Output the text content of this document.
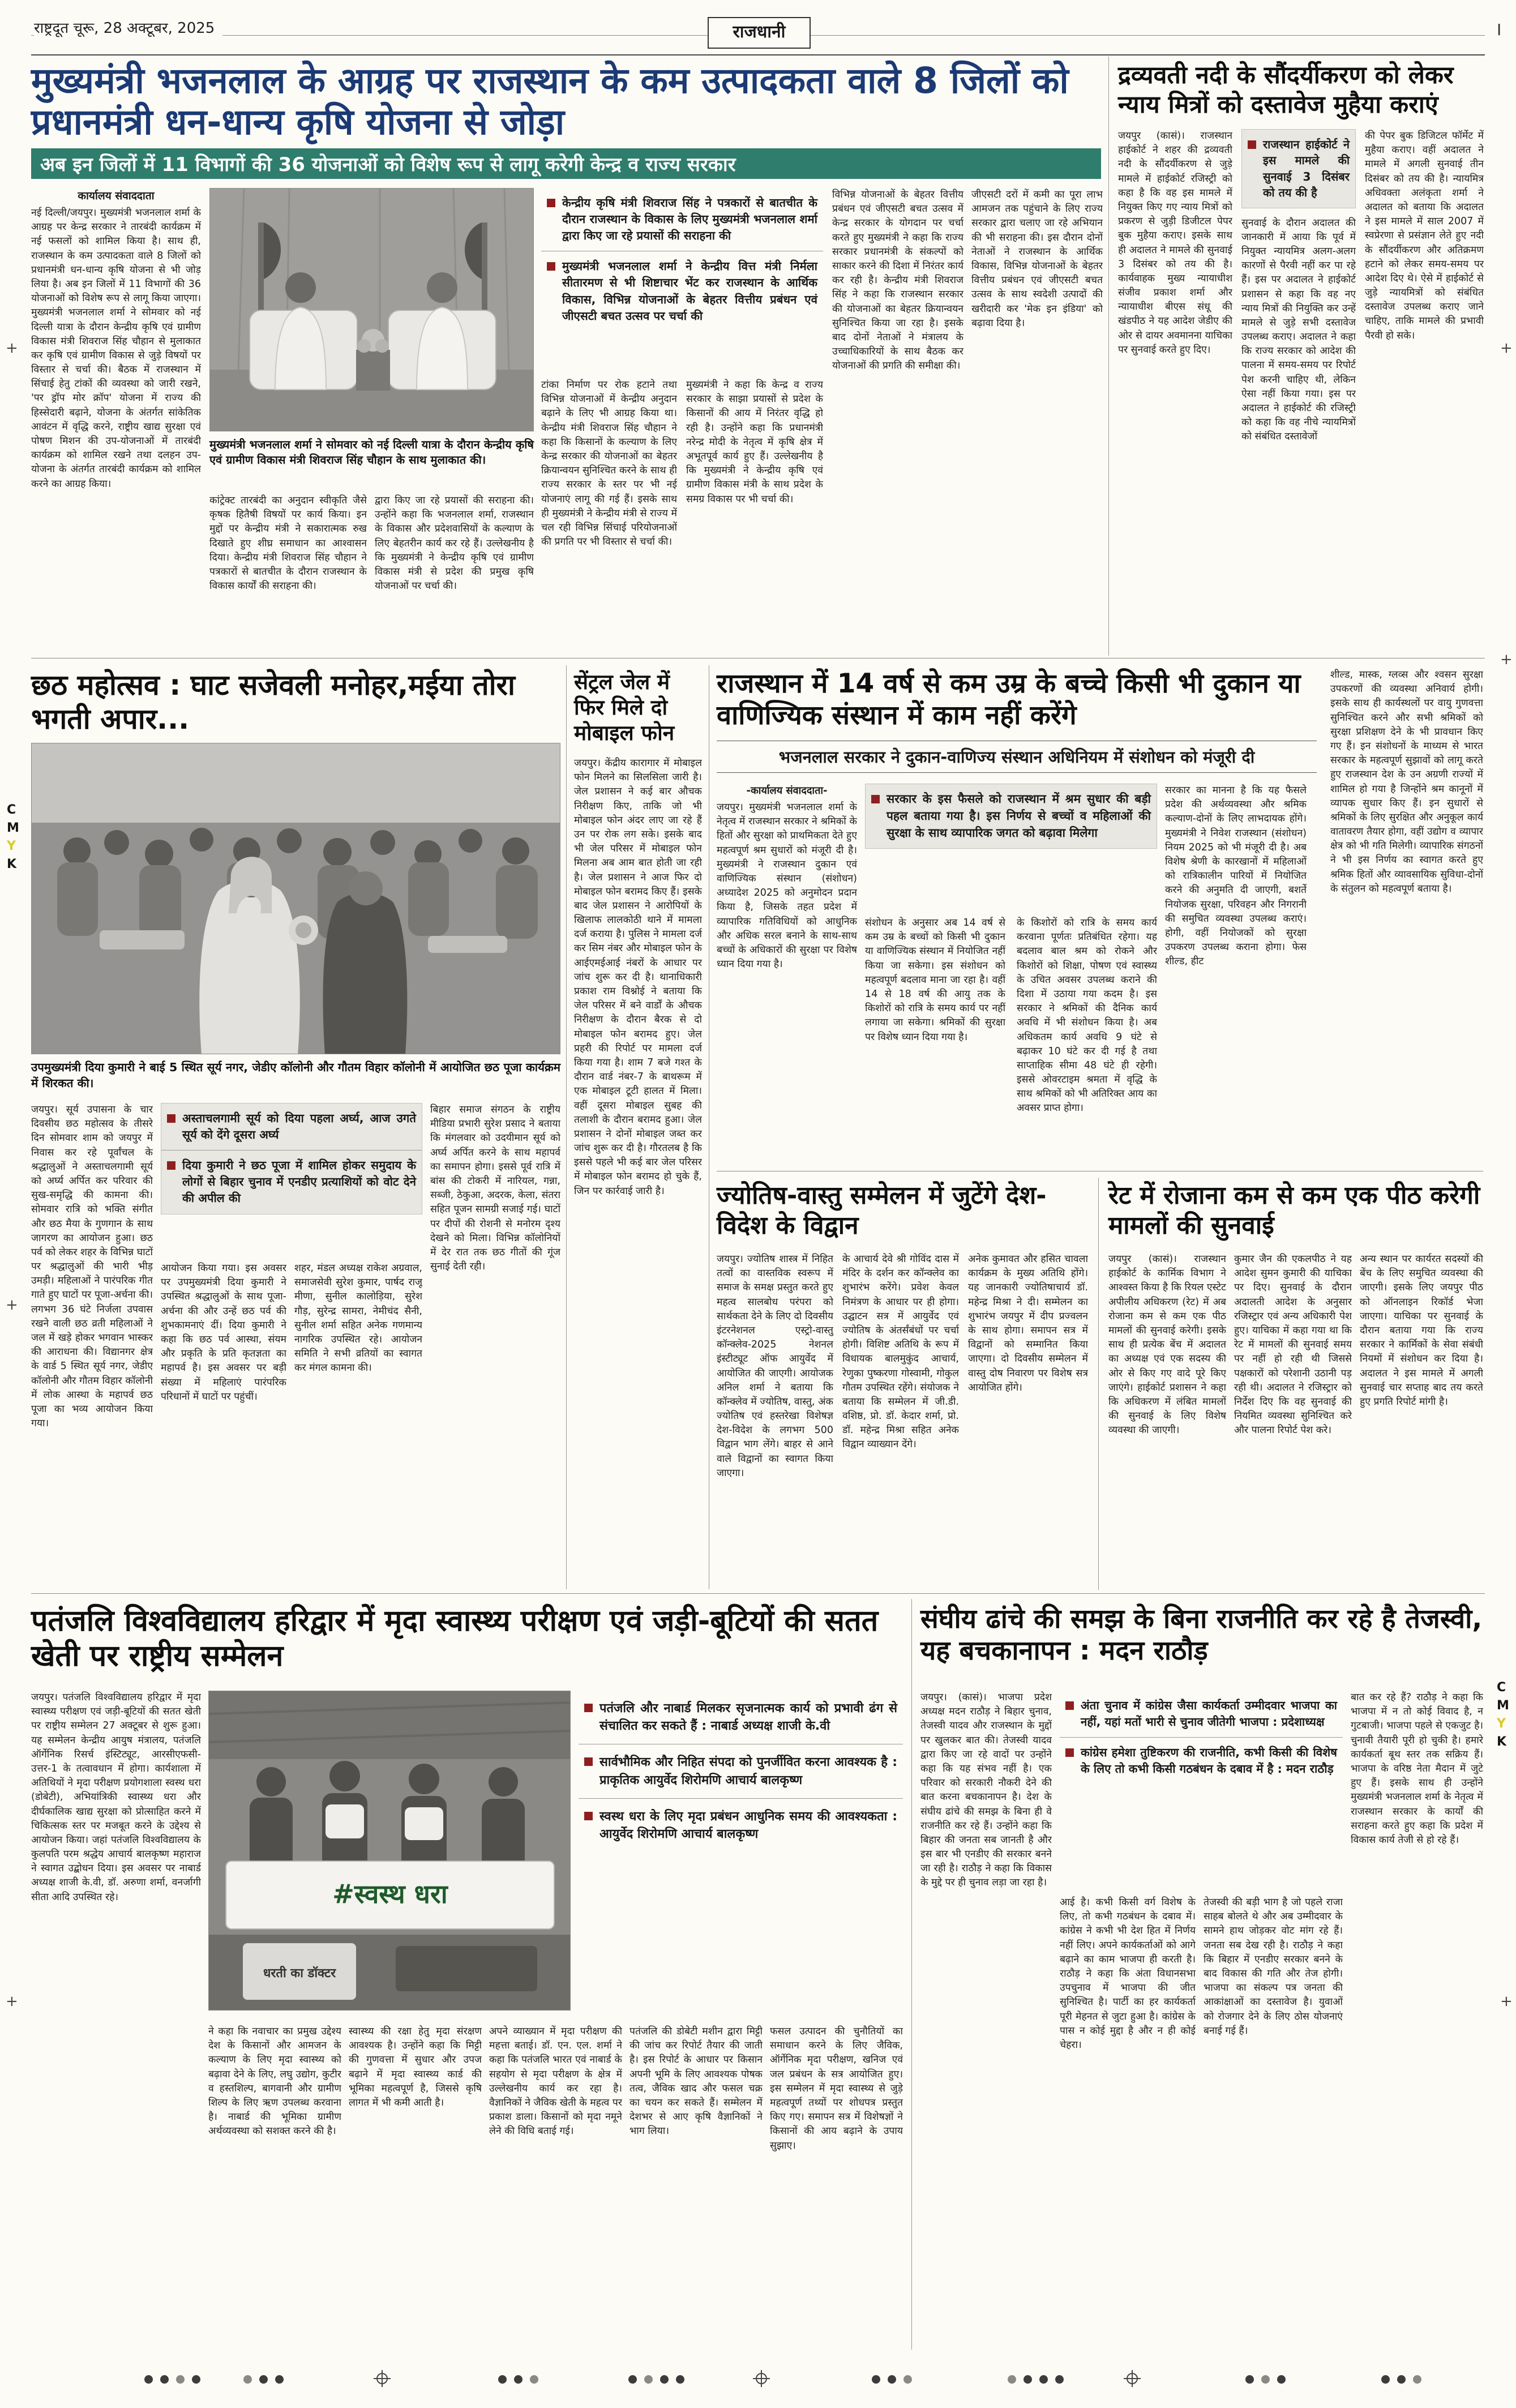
राष्ट्रदूत चूरू, 28 अक्टूबर, 2025	राजधानी	I
मुख्यमंत्री भजनलाल के आग्रह पर राजस्थान के कम उत्पादकता वाले 8 जिलों को प्रधानमंत्री धन-धान्य कृषि योजना से जोड़ा
अब इन जिलों में 11 विभागों की 36 योजनाओं को विशेष रूप से लागू करेगी केन्द्र व राज्य सरकार
कार्यालय संवाददाता
नई दिल्ली/जयपुर। मुख्यमंत्री भजनलाल शर्मा के आग्रह पर केन्द्र सरकार ने तारबंदी कार्यक्रम में नई फसलों को शामिल किया है। साथ ही, राजस्थान के कम उत्पादकता वाले 8 जिलों को प्रधानमंत्री धन-धान्य कृषि योजना से भी जोड़ लिया है। अब इन जिलों में 11 विभागों की 36 योजनाओं को विशेष रूप से लागू किया जाएगा। मुख्यमंत्री भजनलाल शर्मा ने सोमवार को नई दिल्ली यात्रा के दौरान केन्द्रीय कृषि एवं ग्रामीण विकास मंत्री शिवराज सिंह चौहान से मुलाकात कर कृषि एवं ग्रामीण विकास से जुड़े विषयों पर विस्तार से चर्चा की। बैठक में राजस्थान में सिंचाई हेतु टांकों की व्यवस्था को जारी रखने, 'पर ड्रॉप मोर क्रॉप' योजना में राज्य की हिस्सेदारी बढ़ाने, योजना के अंतर्गत सांकेतिक आवंटन में वृद्धि करने, राष्ट्रीय खाद्य सुरक्षा एवं पोषण मिशन की उप-योजनाओं में तारबंदी कार्यक्रम को शामिल रखने तथा दलहन उप-योजना के अंतर्गत तारबंदी कार्यक्रम को शामिल करने का आग्रह किया।
मुख्यमंत्री भजनलाल शर्मा ने सोमवार को नई दिल्ली यात्रा के दौरान केन्द्रीय कृषि एवं ग्रामीण विकास मंत्री शिवराज सिंह चौहान के साथ मुलाकात की।
कांट्रेक्ट तारबंदी का अनुदान स्वीकृति जैसे कृषक हितैषी विषयों पर कार्य किया। इन मुद्दों पर केन्द्रीय मंत्री ने सकारात्मक रुख दिखाते हुए शीघ्र समाधान का आश्वासन दिया। केन्द्रीय मंत्री शिवराज सिंह चौहान ने पत्रकारों से बातचीत के दौरान राजस्थान के विकास कार्यों की सराहना की।
द्वारा किए जा रहे प्रयासों की सराहना की। उन्होंने कहा कि भजनलाल शर्मा, राजस्थान के विकास और प्रदेशवासियों के कल्याण के लिए बेहतरीन कार्य कर रहे हैं। उल्लेखनीय है कि मुख्यमंत्री ने केन्द्रीय कृषि एवं ग्रामीण विकास मंत्री से प्रदेश की प्रमुख कृषि योजनाओं पर चर्चा की।
केन्द्रीय कृषि मंत्री शिवराज सिंह ने पत्रकारों से बातचीत के दौरान राजस्थान के विकास के लिए मुख्यमंत्री भजनलाल शर्मा द्वारा किए जा रहे प्रयासों की सराहना की
मुख्यमंत्री भजनलाल शर्मा ने केन्द्रीय वित्त मंत्री निर्मला सीतारमण से भी शिष्टाचार भेंट कर राजस्थान के आर्थिक विकास, विभिन्न योजनाओं के बेहतर वित्तीय प्रबंधन एवं जीएसटी बचत उत्सव पर चर्चा की
टांका निर्माण पर रोक हटाने तथा विभिन्न योजनाओं में केन्द्रीय अनुदान बढ़ाने के लिए भी आग्रह किया था। केन्द्रीय मंत्री शिवराज सिंह चौहान ने कहा कि किसानों के कल्याण के लिए केन्द्र सरकार की योजनाओं का बेहतर क्रियान्वयन सुनिश्चित करने के साथ ही राज्य सरकार के स्तर पर भी नई योजनाएं लागू की गई हैं। इसके साथ ही मुख्यमंत्री ने केन्द्रीय मंत्री से राज्य में चल रही विभिन्न सिंचाई परियोजनाओं की प्रगति पर भी विस्तार से चर्चा की।
मुख्यमंत्री ने कहा कि केन्द्र व राज्य सरकार के साझा प्रयासों से प्रदेश के किसानों की आय में निरंतर वृद्धि हो रही है। उन्होंने कहा कि प्रधानमंत्री नरेन्द्र मोदी के नेतृत्व में कृषि क्षेत्र में अभूतपूर्व कार्य हुए हैं। उल्लेखनीय है कि मुख्यमंत्री ने केन्द्रीय कृषि एवं ग्रामीण विकास मंत्री के साथ प्रदेश के समग्र विकास पर भी चर्चा की।
विभिन्न योजनाओं के बेहतर वित्तीय प्रबंधन एवं जीएसटी बचत उत्सव में केन्द्र सरकार के योगदान पर चर्चा करते हुए मुख्यमंत्री ने कहा कि राज्य सरकार प्रधानमंत्री के संकल्पों को साकार करने की दिशा में निरंतर कार्य कर रही है। केन्द्रीय मंत्री शिवराज सिंह ने कहा कि राजस्थान सरकार की योजनाओं का बेहतर क्रियान्वयन सुनिश्चित किया जा रहा है। इसके बाद दोनों नेताओं ने मंत्रालय के उच्चाधिकारियों के साथ बैठक कर योजनाओं की प्रगति की समीक्षा की।
जीएसटी दरों में कमी का पूरा लाभ आमजन तक पहुंचाने के लिए राज्य सरकार द्वारा चलाए जा रहे अभियान की भी सराहना की। इस दौरान दोनों नेताओं ने राजस्थान के आर्थिक विकास, विभिन्न योजनाओं के बेहतर वित्तीय प्रबंधन एवं जीएसटी बचत उत्सव के साथ स्वदेशी उत्पादों की खरीदारी कर 'मेक इन इंडिया' को बढ़ावा दिया है।
द्रव्यवती नदी के सौंदर्यीकरण को लेकर न्याय मित्रों को दस्तावेज मुहैया कराएं
जयपुर (कासं)। राजस्थान हाईकोर्ट ने शहर की द्रव्यवती नदी के सौंदर्यीकरण से जुड़े मामले में हाईकोर्ट रजिस्ट्री को कहा है कि वह इस मामले में नियुक्त किए गए न्याय मित्रों को प्रकरण से जुड़ी डिजीटल पेपर बुक मुहैया कराए। इसके साथ ही अदालत ने मामले की सुनवाई 3 दिसंबर को तय की है। कार्यवाहक मुख्य न्यायाधीश संजीव प्रकाश शर्मा और न्यायाधीश बीएस संधू की खंडपीठ ने यह आदेश जेडीए की ओर से दायर अवमानना याचिका पर सुनवाई करते हुए दिए।
राजस्थान हाईकोर्ट ने इस मामले की सुनवाई 3 दिसंबर को तय की है
सुनवाई के दौरान अदालत की जानकारी में आया कि पूर्व में नियुक्त न्यायमित्र अलग-अलग कारणों से पैरवी नहीं कर पा रहे हैं। इस पर अदालत ने हाईकोर्ट प्रशासन से कहा कि वह नए न्याय मित्रों की नियुक्ति कर उन्हें मामले से जुड़े सभी दस्तावेज उपलब्ध कराए। अदालत ने कहा कि राज्य सरकार को आदेश की पालना में समय-समय पर रिपोर्ट पेश करनी चाहिए थी, लेकिन ऐसा नहीं किया गया। इस पर अदालत ने हाईकोर्ट की रजिस्ट्री को कहा कि वह नीचे न्यायमित्रों को संबंधित दस्तावेजों
की पेपर बुक डिजिटल फॉर्मेट में मुहैया कराए। वहीं अदालत ने मामले में अगली सुनवाई तीन दिसंबर को तय की है। न्यायमित्र अधिवक्ता अलंकृता शर्मा ने अदालत को बताया कि अदालत ने इस मामले में साल 2007 में स्वप्रेरणा से प्रसंज्ञान लेते हुए नदी के सौंदर्यीकरण और अतिक्रमण हटाने को लेकर समय-समय पर आदेश दिए थे। ऐसे में हाईकोर्ट से जुड़े न्यायमित्रों को संबंधित दस्तावेज उपलब्ध कराए जाने चाहिए, ताकि मामले की प्रभावी पैरवी हो सके।
छठ महोत्सव : घाट सजेवली मनोहर,मईया तोरा भगती अपार...
उपमुख्यमंत्री दिया कुमारी ने बाई 5 स्थित सूर्य नगर, जेडीए कॉलोनी और गौतम विहार कॉलोनी में आयोजित छठ पूजा कार्यक्रम में शिरकत की।
जयपुर। सूर्य उपासना के चार दिवसीय छठ महोत्सव के तीसरे दिन सोमवार शाम को जयपुर में निवास कर रहे पूर्वांचल के श्रद्धालुओं ने अस्ताचलगामी सूर्य को अर्घ्य अर्पित कर परिवार की सुख-समृद्धि की कामना की। सोमवार रात्रि को भक्ति संगीत और छठ मैया के गुणगान के साथ जागरण का आयोजन हुआ। छठ पर्व को लेकर शहर के विभिन्न घाटों पर श्रद्धालुओं की भारी भीड़ उमड़ी। महिलाओं ने पारंपरिक गीत गाते हुए घाटों पर पूजा-अर्चना की। लगभग 36 घंटे निर्जला उपवास रखने वाली छठ व्रती महिलाओं ने जल में खड़े होकर भगवान भास्कर की आराधना की। विद्यानगर क्षेत्र के वार्ड 5 स्थित सूर्य नगर, जेडीए कॉलोनी और गौतम विहार कॉलोनी में लोक आस्था के महापर्व छठ पूजा का भव्य आयोजन किया गया।
अस्ताचलगामी सूर्य को दिया पहला अर्घ्य, आज उगते सूर्य को देंगे दूसरा अर्घ्य
दिया कुमारी ने छठ पूजा में शामिल होकर समुदाय के लोगों से बिहार चुनाव में एनडीए प्रत्याशियों को वोट देने की अपील की
आयोजन किया गया। इस अवसर पर उपमुख्यमंत्री दिया कुमारी ने उपस्थित श्रद्धालुओं के साथ पूजा-अर्चना की और उन्हें छठ पर्व की शुभकामनाएं दीं। दिया कुमारी ने कहा कि छठ पर्व आस्था, संयम और प्रकृति के प्रति कृतज्ञता का महापर्व है। इस अवसर पर बड़ी संख्या में महिलाएं पारंपरिक परिधानों में घाटों पर पहुंचीं।
शहर, मंडल अध्यक्ष राकेश अग्रवाल, समाजसेवी सुरेश कुमार, पार्षद राजू मीणा, सुनील कालोड़िया, सुरेश गौड़, सुरेन्द्र सामरा, नेमीचंद सैनी, सुनील शर्मा सहित अनेक गणमान्य नागरिक उपस्थित रहे। आयोजन समिति ने सभी व्रतियों का स्वागत कर मंगल कामना की।
बिहार समाज संगठन के राष्ट्रीय मीडिया प्रभारी सुरेश प्रसाद ने बताया कि मंगलवार को उदयीमान सूर्य को अर्घ्य अर्पित करने के साथ महापर्व का समापन होगा। इससे पूर्व रात्रि में बांस की टोकरी में नारियल, गन्ना, सब्जी, ठेकुआ, अदरक, केला, संतरा सहित पूजन सामग्री सजाई गई। घाटों पर दीपों की रोशनी से मनोरम दृश्य देखने को मिला। विभिन्न कॉलोनियों में देर रात तक छठ गीतों की गूंज सुनाई देती रही।
सेंट्रल जेल में फिर मिले दो मोबाइल फोन
जयपुर। केंद्रीय कारागार में मोबाइल फोन मिलने का सिलसिला जारी है। जेल प्रशासन ने कई बार औचक निरीक्षण किए, ताकि जो भी मोबाइल फोन अंदर लाए जा रहे हैं उन पर रोक लग सके। इसके बाद भी जेल परिसर में मोबाइल फोन मिलना अब आम बात होती जा रही है। जेल प्रशासन ने आज फिर दो मोबाइल फोन बरामद किए हैं। इसके बाद जेल प्रशासन ने आरोपियों के खिलाफ लालकोठी थाने में मामला दर्ज कराया है। पुलिस ने मामला दर्ज कर सिम नंबर और मोबाइल फोन के आईएमईआई नंबरों के आधार पर जांच शुरू कर दी है। थानाधिकारी प्रकाश राम विश्नोई ने बताया कि जेल परिसर में बने वार्डों के औचक निरीक्षण के दौरान बैरक से दो मोबाइल फोन बरामद हुए। जेल प्रहरी की रिपोर्ट पर मामला दर्ज किया गया है। शाम 7 बजे गश्त के दौरान वार्ड नंबर-7 के बाथरूम में एक मोबाइल टूटी हालत में मिला। वहीं दूसरा मोबाइल सुबह की तलाशी के दौरान बरामद हुआ। जेल प्रशासन ने दोनों मोबाइल जब्त कर जांच शुरू कर दी है। गौरतलब है कि इससे पहले भी कई बार जेल परिसर में मोबाइल फोन बरामद हो चुके हैं, जिन पर कार्रवाई जारी है।
राजस्थान में 14 वर्ष से कम उम्र के बच्चे किसी भी दुकान या वाणिज्यिक संस्थान में काम नहीं करेंगे
भजनलाल सरकार ने दुकान-वाणिज्य संस्थान अधिनियम में संशोधन को मंजूरी दी
-कार्यालय संवाददाता-
जयपुर। मुख्यमंत्री भजनलाल शर्मा के नेतृत्व में राजस्थान सरकार ने श्रमिकों के हितों और सुरक्षा को प्राथमिकता देते हुए महत्वपूर्ण श्रम सुधारों को मंजूरी दी है। मुख्यमंत्री ने राजस्थान दुकान एवं वाणिज्यिक संस्थान (संशोधन) अध्यादेश 2025 को अनुमोदन प्रदान किया है, जिसके तहत प्रदेश में व्यापारिक गतिविधियों को आधुनिक और अधिक सरल बनाने के साथ-साथ बच्चों के अधिकारों की सुरक्षा पर विशेष ध्यान दिया गया है।
सरकार के इस फैसले को राजस्थान में श्रम सुधार की बड़ी पहल बताया गया है। इस निर्णय से बच्चों व महिलाओं की सुरक्षा के साथ व्यापारिक जगत को बढ़ावा मिलेगा
संशोधन के अनुसार अब 14 वर्ष से कम उम्र के बच्चों को किसी भी दुकान या वाणिज्यिक संस्थान में नियोजित नहीं किया जा सकेगा। इस संशोधन को महत्वपूर्ण बदलाव माना जा रहा है। वहीं 14 से 18 वर्ष की आयु तक के किशोरों को रात्रि के समय कार्य पर नहीं लगाया जा सकेगा। श्रमिकों की सुरक्षा पर विशेष ध्यान दिया गया है।
के किशोरों को रात्रि के समय कार्य करवाना पूर्णतः प्रतिबंधित रहेगा। यह बदलाव बाल श्रम को रोकने और किशोरों को शिक्षा, पोषण एवं स्वास्थ्य के उचित अवसर उपलब्ध कराने की दिशा में उठाया गया कदम है। इस सरकार ने श्रमिकों की दैनिक कार्य अवधि में भी संशोधन किया है। अब अधिकतम कार्य अवधि 9 घंटे से बढ़ाकर 10 घंटे कर दी गई है तथा साप्ताहिक सीमा 48 घंटे ही रहेगी। इससे ओवरटाइम श्रमता में वृद्धि के साथ श्रमिकों को भी अतिरिक्त आय का अवसर प्राप्त होगा।
सरकार का मानना है कि यह फैसले प्रदेश की अर्थव्यवस्था और श्रमिक कल्याण-दोनों के लिए लाभदायक होंगे। मुख्यमंत्री ने निवेश राजस्थान (संशोधन) नियम 2025 को भी मंजूरी दी है। अब विशेष श्रेणी के कारखानों में महिलाओं को रात्रिकालीन पारियों में नियोजित करने की अनुमति दी जाएगी, बशर्ते नियोजक सुरक्षा, परिवहन और निगरानी की समुचित व्यवस्था उपलब्ध कराएं। होगी, वहीं नियोजकों को सुरक्षा उपकरण उपलब्ध कराना होगा। फेस शील्ड, हीट
शील्ड, मास्क, ग्लव्स और श्वसन सुरक्षा उपकरणों की व्यवस्था अनिवार्य होगी। इसके साथ ही कार्यस्थलों पर वायु गुणवत्ता सुनिश्चित करने और सभी श्रमिकों को सुरक्षा प्रशिक्षण देने के भी प्रावधान किए गए हैं। इन संशोधनों के माध्यम से भारत सरकार के महत्वपूर्ण सुझावों को लागू करते हुए राजस्थान देश के उन अग्रणी राज्यों में शामिल हो गया है जिन्होंने श्रम कानूनों में व्यापक सुधार किए हैं। इन सुधारों से श्रमिकों के लिए सुरक्षित और अनुकूल कार्य वातावरण तैयार होगा, वहीं उद्योग व व्यापार क्षेत्र को भी गति मिलेगी। व्यापारिक संगठनों ने भी इस निर्णय का स्वागत करते हुए श्रमिक हितों और व्यावसायिक सुविधा-दोनों के संतुलन को महत्वपूर्ण बताया है।
ज्योतिष-वास्तु सम्मेलन में जुटेंगे देश-विदेश के विद्वान
जयपुर। ज्योतिष शास्त्र में निहित तत्वों का वास्तविक स्वरूप में समाज के समक्ष प्रस्तुत करते हुए महत्व सालबोध परंपरा को सार्थकता देने के लिए दो दिवसीय इंटरनेशनल एस्ट्रो-वास्तु कॉन्क्लेव-2025 नेशनल इंस्टीट्यूट ऑफ आयुर्वेद में आयोजित की जाएगी। आयोजक अनिल शर्मा ने बताया कि कॉन्क्लेव में ज्योतिष, वास्तु, अंक ज्योतिष एवं हस्तरेखा विशेषज्ञ देश-विदेश के लगभग 500 विद्वान भाग लेंगे। बाहर से आने वाले विद्वानों का स्वागत किया जाएगा।
के आचार्य देवे श्री गोविंद दास में मंदिर के दर्शन कर कॉन्क्लेव का शुभारंभ करेंगे। प्रवेश केवल निमंत्रण के आधार पर ही होगा। उद्घाटन सत्र में आयुर्वेद एवं ज्योतिष के अंतर्संबंधों पर चर्चा होगी। विशिष्ट अतिथि के रूप में विधायक बालमुकुंद आचार्य, रेणुका पुष्करणा गोस्वामी, गोकुल गौतम उपस्थित रहेंगे। संयोजक ने बताया कि सम्मेलन में जी.डी. वशिष्ठ, प्रो. डॉ. केदार शर्मा, प्रो. डॉ. महेन्द्र मिश्रा सहित अनेक विद्वान व्याख्यान देंगे।
अनेक कुमावत और हसित चावला कार्यक्रम के मुख्य अतिथि होंगे। यह जानकारी ज्योतिषाचार्य डॉ. महेन्द्र मिश्रा ने दी। सम्मेलन का शुभारंभ जयपुर में दीप प्रज्वलन के साथ होगा। समापन सत्र में विद्वानों को सम्मानित किया जाएगा। दो दिवसीय सम्मेलन में वास्तु दोष निवारण पर विशेष सत्र आयोजित होंगे।
रेट में रोजाना कम से कम एक पीठ करेगी मामलों की सुनवाई
जयपुर (कासं)। राजस्थान हाईकोर्ट के कार्मिक विभाग ने आश्वस्त किया है कि रियल एस्टेट अपीलीय अधिकरण (रेट) में अब रोजाना कम से कम एक पीठ मामलों की सुनवाई करेगी। इसके साथ ही प्रत्येक बेंच में अदालत का अध्यक्ष एवं एक सदस्य की ओर से किए गए वादे पूरे किए जाएंगे। हाईकोर्ट प्रशासन ने कहा कि अधिकरण में लंबित मामलों की सुनवाई के लिए विशेष व्यवस्था की जाएगी।
कुमार जैन की एकलपीठ ने यह आदेश सुमन कुमारी की याचिका पर दिए। सुनवाई के दौरान अदालती आदेश के अनुसार रजिस्ट्रार एवं अन्य अधिकारी पेश हुए। याचिका में कहा गया था कि रेट में मामलों की सुनवाई समय पर नहीं हो रही थी जिससे पक्षकारों को परेशानी उठानी पड़ रही थी। अदालत ने रजिस्ट्रार को निर्देश दिए कि वह सुनवाई की नियमित व्यवस्था सुनिश्चित करे और पालना रिपोर्ट पेश करे।
अन्य स्थान पर कार्यरत सदस्यों की बेंच के लिए समुचित व्यवस्था की जाएगी। इसके लिए जयपुर पीठ को ऑनलाइन रिकॉर्ड भेजा जाएगा। याचिका पर सुनवाई के दौरान बताया गया कि राज्य सरकार ने कार्मिकों के सेवा संबंधी नियमों में संशोधन कर दिया है। अदालत ने इस मामले में अगली सुनवाई चार सप्ताह बाद तय करते हुए प्रगति रिपोर्ट मांगी है।
पतंजलि विश्वविद्यालय हरिद्वार में मृदा स्वास्थ्य परीक्षण एवं जड़ी-बूटियों की सतत खेती पर राष्ट्रीय सम्मेलन
जयपुर। पतंजलि विश्वविद्यालय हरिद्वार में मृदा स्वास्थ्य परीक्षण एवं जड़ी-बूटियों की सतत खेती पर राष्ट्रीय सम्मेलन 27 अक्टूबर से शुरू हुआ। यह सम्मेलन केन्द्रीय आयुष मंत्रालय, पतंजलि ऑर्गेनिक रिसर्च इंस्टिट्यूट, आरसीएफसी-उत्तर-1 के तत्वावधान में होगा। कार्यशाला में अतिथियों ने मृदा परीक्षण प्रयोगशाला स्वस्थ धरा (डोबेटी), अभियांत्रिकी स्वास्थ्य धरा और दीर्घकालिक खाद्य सुरक्षा को प्रोत्साहित करने में चिकित्सक स्तर पर मजबूत करने के उद्देश्य से आयोजन किया। जहां पतंजलि विश्वविद्यालय के कुलपति परम श्रद्धेय आचार्य बालकृष्ण महाराज ने स्वागत उद्बोधन दिया। इस अवसर पर नाबार्ड अध्यक्ष शाजी के.वी, डॉ. अरुणा शर्मा, वनर्जागी सीता आदि उपस्थित रहे।	#स्वस्थ धरा
धरती का डॉक्टर
पतंजलि और नाबार्ड मिलकर सृजनात्मक कार्य को प्रभावी ढंग से संचालित कर सकते हैं : नाबार्ड अध्यक्ष शाजी के.वी
सार्वभौमिक और निहित संपदा को पुनर्जीवित करना आवश्यक है : प्राकृतिक आयुर्वेद शिरोमणि आचार्य बालकृष्ण
स्वस्थ धरा के लिए मृदा प्रबंधन आधुनिक समय की आवश्यकता : आयुर्वेद शिरोमणि आचार्य बालकृष्ण
ने कहा कि नवाचार का प्रमुख उद्देश्य देश के किसानों और आमजन के कल्याण के लिए मृदा स्वास्थ्य को बढ़ावा देने के लिए, लघु उद्योग, कुटीर व हस्तशिल्प, बागवानी और ग्रामीण शिल्प के लिए ऋण उपलब्ध करवाना है। नाबार्ड की भूमिका ग्रामीण अर्थव्यवस्था को सशक्त करने की है।
स्वास्थ्य की रक्षा हेतु मृदा संरक्षण आवश्यक है। उन्होंने कहा कि मिट्टी की गुणवत्ता में सुधार और उपज बढ़ाने में मृदा स्वास्थ्य कार्ड की भूमिका महत्वपूर्ण है, जिससे कृषि लागत में भी कमी आती है।
अपने व्याख्यान में मृदा परीक्षण की महत्ता बताई। डॉ. एन. एल. शर्मा ने कहा कि पतंजलि भारत एवं नाबार्ड के सहयोग से मृदा परीक्षण के क्षेत्र में उल्लेखनीय कार्य कर रहा है। वैज्ञानिकों ने जैविक खेती के महत्व पर प्रकाश डाला। किसानों को मृदा नमूने लेने की विधि बताई गई।
पतंजलि की डोबेटी मशीन द्वारा मिट्टी की जांच कर रिपोर्ट तैयार की जाती है। इस रिपोर्ट के आधार पर किसान अपनी भूमि के लिए आवश्यक पोषक तत्व, जैविक खाद और फसल चक्र का चयन कर सकते हैं। सम्मेलन में देशभर से आए कृषि वैज्ञानिकों ने भाग लिया।
फसल उत्पादन की चुनौतियों का समाधान करने के लिए जैविक, ऑर्गेनिक मृदा परीक्षण, खनिज एवं जल प्रबंधन के सत्र आयोजित हुए। इस सम्मेलन में मृदा स्वास्थ्य से जुड़े महत्वपूर्ण तथ्यों पर शोधपत्र प्रस्तुत किए गए। समापन सत्र में विशेषज्ञों ने किसानों की आय बढ़ाने के उपाय सुझाए।
संघीय ढांचे की समझ के बिना राजनीति कर रहे है तेजस्वी, यह बचकानापन : मदन राठौड़
जयपुर। (कासं)। भाजपा प्रदेश अध्यक्ष मदन राठौड़ ने बिहार चुनाव, तेजस्वी यादव और राजस्थान के मुद्दों पर खुलकर बात की। तेजस्वी यादव द्वारा किए जा रहे वादों पर उन्होंने कहा कि यह संभव नहीं है। एक परिवार को सरकारी नौकरी देने की बात करना बचकानापन है। देश के संघीय ढांचे की समझ के बिना ही वे राजनीति कर रहे हैं। उन्होंने कहा कि बिहार की जनता सब जानती है और इस बार भी एनडीए की सरकार बनने जा रही है। राठौड़ ने कहा कि विकास के मुद्दे पर ही चुनाव लड़ा जा रहा है।
अंता चुनाव में कांग्रेस जैसा कार्यकर्ता उम्मीदवार भाजपा का नहीं, यहां मतों भारी से चुनाव जीतेगी भाजपा : प्रदेशाध्यक्ष
कांग्रेस हमेशा तुष्टिकरण की राजनीति, कभी किसी की विशेष के लिए तो कभी किसी गठबंधन के दबाव में है : मदन राठौड़
आई है। कभी किसी वर्ग विशेष के लिए, तो कभी गठबंधन के दबाव में। कांग्रेस ने कभी भी देश हित में निर्णय नहीं लिए। अपने कार्यकर्ताओं को आगे बढ़ाने का काम भाजपा ही करती है। राठौड़ ने कहा कि अंता विधानसभा उपचुनाव में भाजपा की जीत सुनिश्चित है। पार्टी का हर कार्यकर्ता पूरी मेहनत से जुटा हुआ है। कांग्रेस के पास न कोई मुद्दा है और न ही कोई चेहरा।
तेजस्वी की बड़ी भाग है जो पहले राजा साहब बोलते थे और अब उम्मीदवार के सामने हाथ जोड़कर वोट मांग रहे हैं। जनता सब देख रही है। राठौड़ ने कहा कि बिहार में एनडीए सरकार बनने के बाद विकास की गति और तेज होगी। भाजपा का संकल्प पत्र जनता की आकांक्षाओं का दस्तावेज है। युवाओं को रोजगार देने के लिए ठोस योजनाएं बनाई गई हैं।
बात कर रहे हैं? राठौड़ ने कहा कि भाजपा में न तो कोई विवाद है, न गुटबाजी। भाजपा पहले से एकजुट है। चुनावी तैयारी पूरी हो चुकी है। हमारे कार्यकर्ता बूथ स्तर तक सक्रिय हैं। भाजपा के वरिष्ठ नेता मैदान में जुटे हुए हैं। इसके साथ ही उन्होंने मुख्यमंत्री भजनलाल शर्मा के नेतृत्व में राजस्थान सरकार के कार्यों की सराहना करते हुए कहा कि प्रदेश में विकास कार्य तेजी से हो रहे हैं।
C
M
Y
K
C
M
Y
K
+
+
+
+
+
+
